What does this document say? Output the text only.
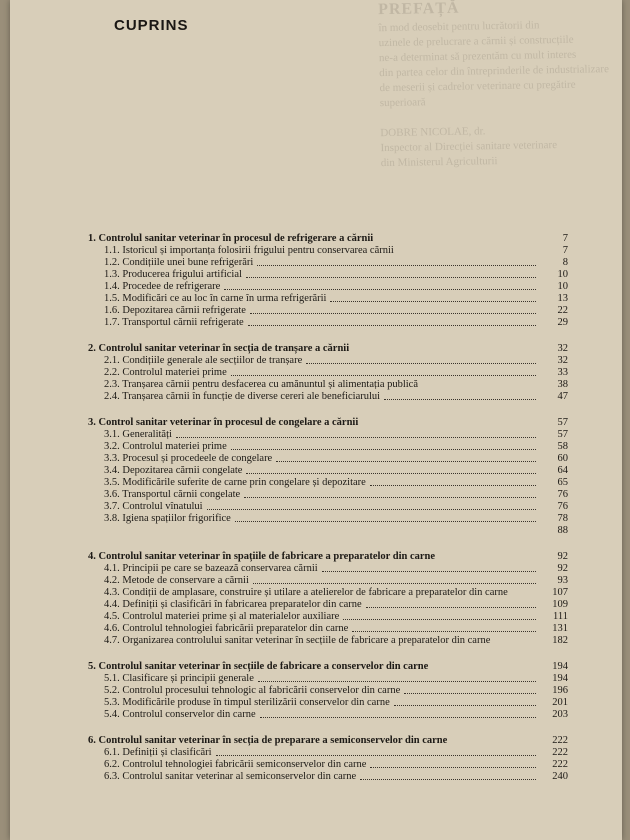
PREFAȚĂ
în mod deosebit pentru lucrătorii din
uzinele de prelucrare a cărnii și construcțiile
ne-a determinat să prezentăm cu mult interes
din partea celor din întreprinderile de industrializare
de meserii și cadrelor veterinare cu pregătire superioară

DOBRE NICOLAE, dr.
Inspector al Direcției sanitare veterinare
din Ministerul Agriculturii
CUPRINS
1. Controlul sanitar veterinar în procesul de refrigerare a cărnii	7
1.1. Istoricul și importanța folosirii frigului pentru conservarea cărnii	7
1.2. Condițiile unei bune refrigerări	8
1.3. Producerea frigului artificial	10
1.4. Procedee de refrigerare	10
1.5. Modificări ce au loc în carne în urma refrigerării	13
1.6. Depozitarea cărnii refrigerate	22
1.7. Transportul cărnii refrigerate	29
2. Controlul sanitar veterinar în secția de tranșare a cărnii	32
2.1. Condițiile generale ale secțiilor de tranșare	32
2.2. Controlul materiei prime	33
2.3. Tranșarea cărnii pentru desfacerea cu amănuntul și alimentația publică	38
2.4. Tranșarea cărnii în funcție de diverse cereri ale beneficiarului	47
3. Control sanitar veterinar în procesul de congelare a cărnii	57
3.1. Generalități	57
3.2. Controlul materiei prime	58
3.3. Procesul și procedeele de congelare	60
3.4. Depozitarea cărnii congelate	64
3.5. Modificările suferite de carne prin congelare și depozitare	65
3.6. Transportul cărnii congelate	76
3.7. Controlul vînatului	76
3.8. Igiena spațiilor frigorifice	78
88
4. Controlul sanitar veterinar în spațiile de fabricare a preparatelor din carne	92
4.1. Principii pe care se bazează conservarea cărnii	92
4.2. Metode de conservare a cărnii	93
4.3. Condiții de amplasare, construire și utilare a atelierelor de fabricare a preparatelor din carne	107
4.4. Definiții și clasificări în fabricarea preparatelor din carne	109
4.5. Controlul materiei prime și al materialelor auxiliare	111
4.6. Controlul tehnologiei fabricării preparatelor din carne	131
4.7. Organizarea controlului sanitar veterinar în secțiile de fabricare a preparatelor din carne	182
5. Controlul sanitar veterinar în secțiile de fabricare a conservelor din carne	194
5.1. Clasificare și principii generale	194
5.2. Controlul procesului tehnologic al fabricării conservelor din carne	196
5.3. Modificările produse în timpul sterilizării conservelor din carne	201
5.4. Controlul conservelor din carne	203
6. Controlul sanitar veterinar în secția de preparare a semiconservelor din carne	222
6.1. Definiții și clasificări	222
6.2. Controlul tehnologiei fabricării semiconservelor din carne	222
6.3. Controlul sanitar veterinar al semiconservelor din carne	240
